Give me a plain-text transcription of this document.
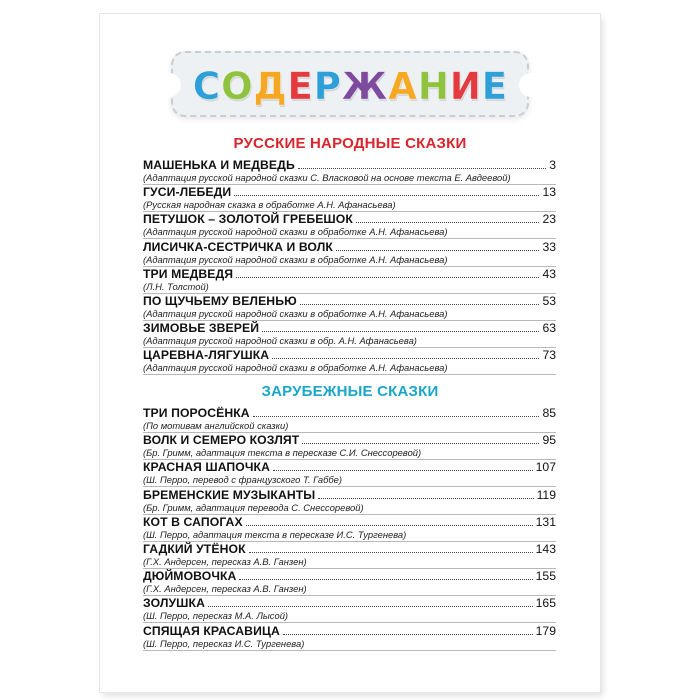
С О Д Е Р Ж А Н И Е
РУССКИЕ НАРОДНЫЕ СКАЗКИ
МАШЕНЬКА И МЕДВЕДЬ	3
(Адаптация русской народной сказки С. Власковой на основе текста Е. Авдеевой)
ГУСИ-ЛЕБЕДИ	13
(Русская народная сказка в обработке А.Н. Афанасьева)
ПЕТУШОК – ЗОЛОТОЙ ГРЕБЕШОК	23
(Адаптация русской народной сказки в обработке А.Н. Афанасьева)
ЛИСИЧКА-СЕСТРИЧКА И ВОЛК	33
(Адаптация русской народной сказки в обработке А.Н. Афанасьева)
ТРИ МЕДВЕДЯ	43
(Л.Н. Толстой)
ПО ЩУЧЬЕМУ ВЕЛЕНЬЮ	53
(Адаптация русской народной сказки в обработке А.Н. Афанасьева)
ЗИМОВЬЕ ЗВЕРЕЙ	63
(Адаптация русской народной сказки в обр. А.Н. Афанасьева)
ЦАРЕВНА-ЛЯГУШКА	73
(Адаптация русской народной сказки в обработке А.Н. Афанасьева)
ЗАРУБЕЖНЫЕ СКАЗКИ
ТРИ ПОРОСЁНКА	85
(По мотивам английской сказки)
ВОЛК И СЕМЕРО КОЗЛЯТ	95
(Бр. Гримм, адаптация текста в пересказе С.И. Снессоревой)
КРАСНАЯ ШАПОЧКА	107
(Ш. Перро, перевод с французского Т. Габбе)
БРЕМЕНСКИЕ МУЗЫКАНТЫ	119
(Бр. Гримм, адаптация перевода С. Снессоревой)
КОТ В САПОГАХ	131
(Ш. Перро, адаптация текста в пересказе И.С. Тургенева)
ГАДКИЙ УТЁНОК	143
(Г.Х. Андерсен, пересказ А.В. Ганзен)
ДЮЙМОВОЧКА	155
(Г.Х. Андерсен, пересказ А.В. Ганзен)
ЗОЛУШКА	165
(Ш. Перро, пересказ М.А. Лысой)
СПЯЩАЯ КРАСАВИЦА	179
(Ш. Перро, пересказ И.С. Тургенева)
